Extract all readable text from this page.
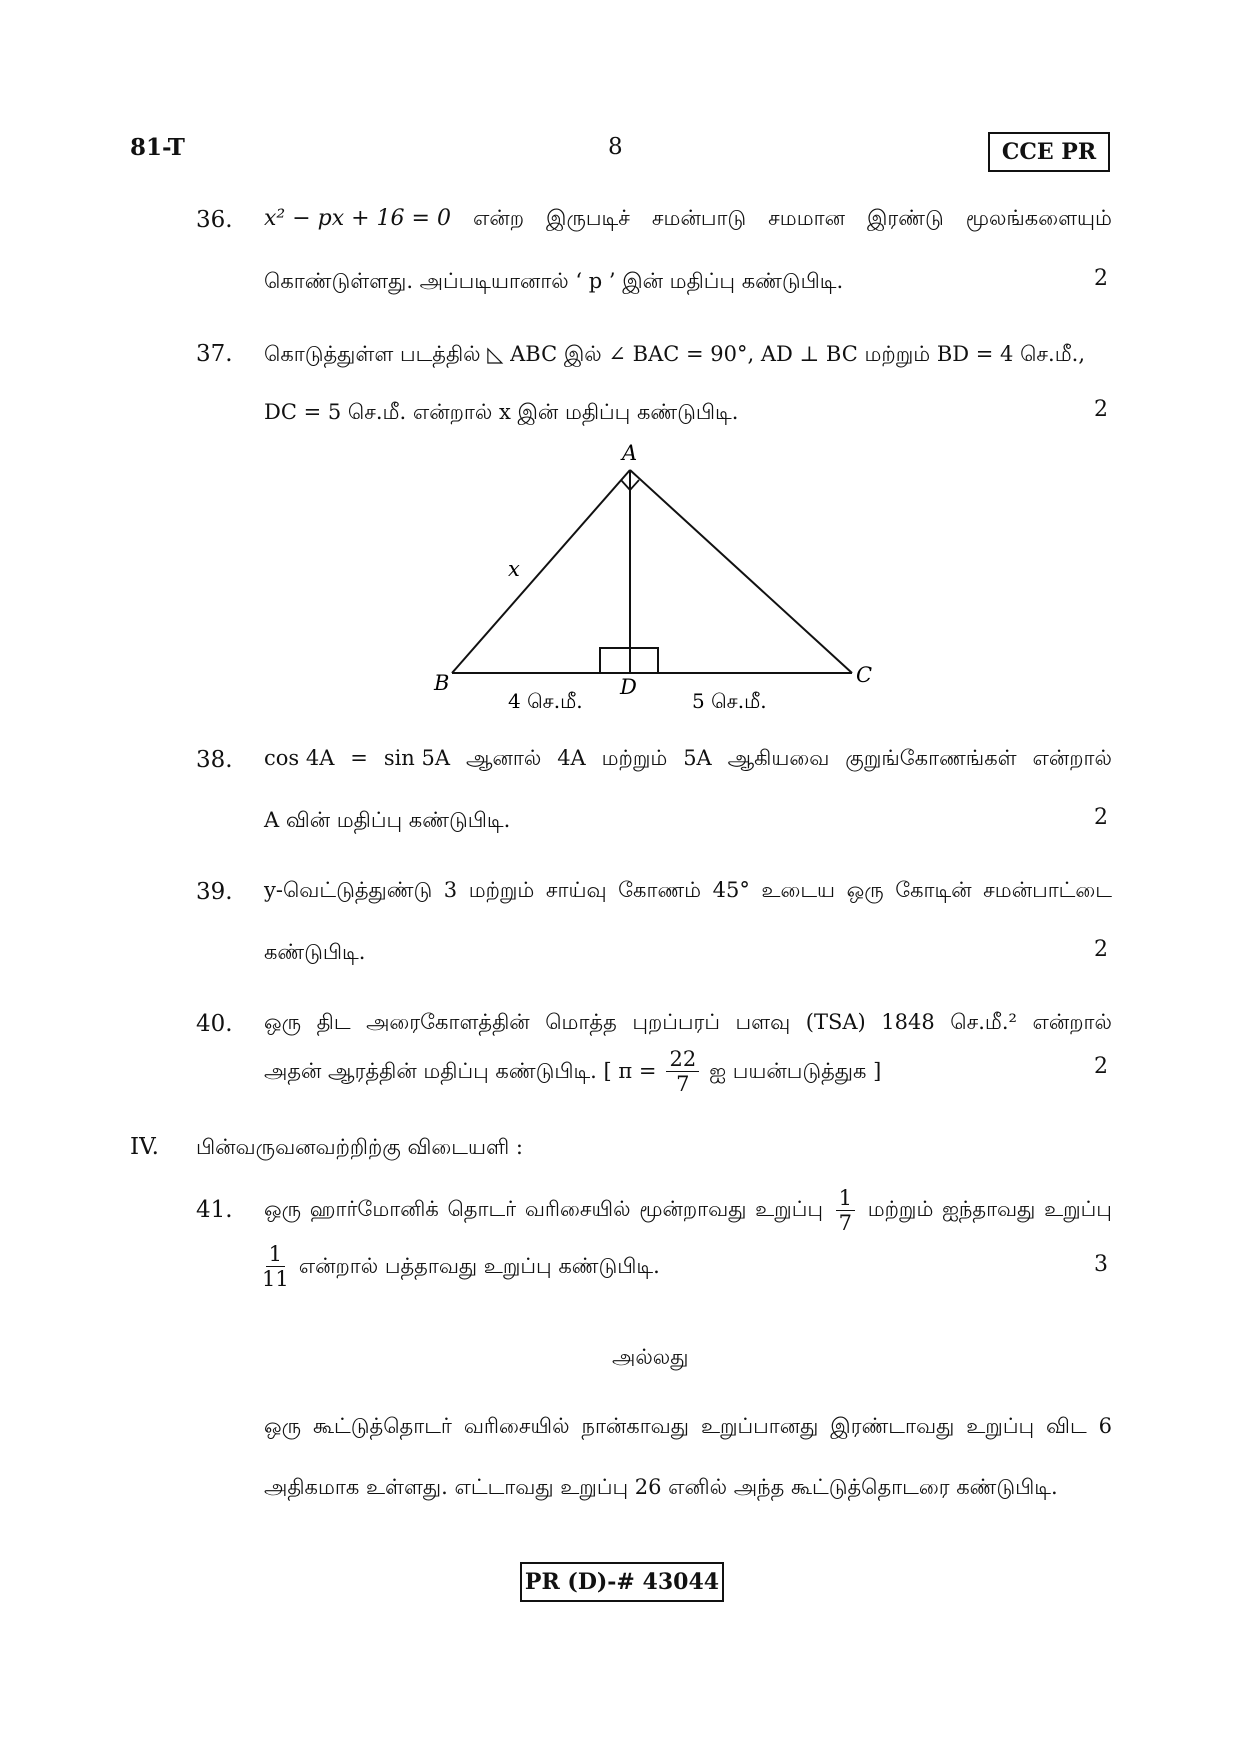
81-T	8	CCE PR
36. x² − px + 16 = 0 என்ற இருபடிச் சமன்பாடு சமமான இரண்டு மூலங்களையும்
கொண்டுள்ளது. அப்படியானால் ‘ p ’ இன் மதிப்பு கண்டுபிடி.	2
37. கொடுத்துள்ள படத்தில் ◺ ABC இல் ∠ BAC = 90°, AD ⊥ BC மற்றும் BD = 4 செ.மீ.,
DC = 5 செ.மீ. என்றால் x இன் மதிப்பு கண்டுபிடி.	2
A
B	C
D
x
4 செ.மீ.	5 செ.மீ.
38. cos 4A = sin 5A ஆனால் 4A மற்றும் 5A ஆகியவை குறுங்கோணங்கள் என்றால்
A வின் மதிப்பு கண்டுபிடி.	2
39. y-வெட்டுத்துண்டு 3 மற்றும் சாய்வு கோணம் 45° உடைய ஒரு கோடின் சமன்பாட்டை
கண்டுபிடி.	2
40. ஒரு திட அரைகோளத்தின் மொத்த புறப்பரப் பளவு (TSA) 1848 செ.மீ.² என்றால்
அதன் ஆரத்தின் மதிப்பு கண்டுபிடி. [ $\pi = \frac{22}{7}$ ஐ பயன்படுத்துக ]	2
IV. பின்வருவனவற்றிற்கு விடையளி :
41. ஒரு ஹார்மோனிக் தொடர் வரிசையில் மூன்றாவது உறுப்பு $\frac{1}{7}$ மற்றும் ஐந்தாவது உறுப்பு
$\frac{1}{11}$ என்றால் பத்தாவது உறுப்பு கண்டுபிடி.	3
அல்லது
ஒரு கூட்டுத்தொடர் வரிசையில் நான்காவது உறுப்பானது இரண்டாவது உறுப்பு விட 6
அதிகமாக உள்ளது. எட்டாவது உறுப்பு 26 எனில் அந்த கூட்டுத்தொடரை கண்டுபிடி.
PR (D)-# 43044
